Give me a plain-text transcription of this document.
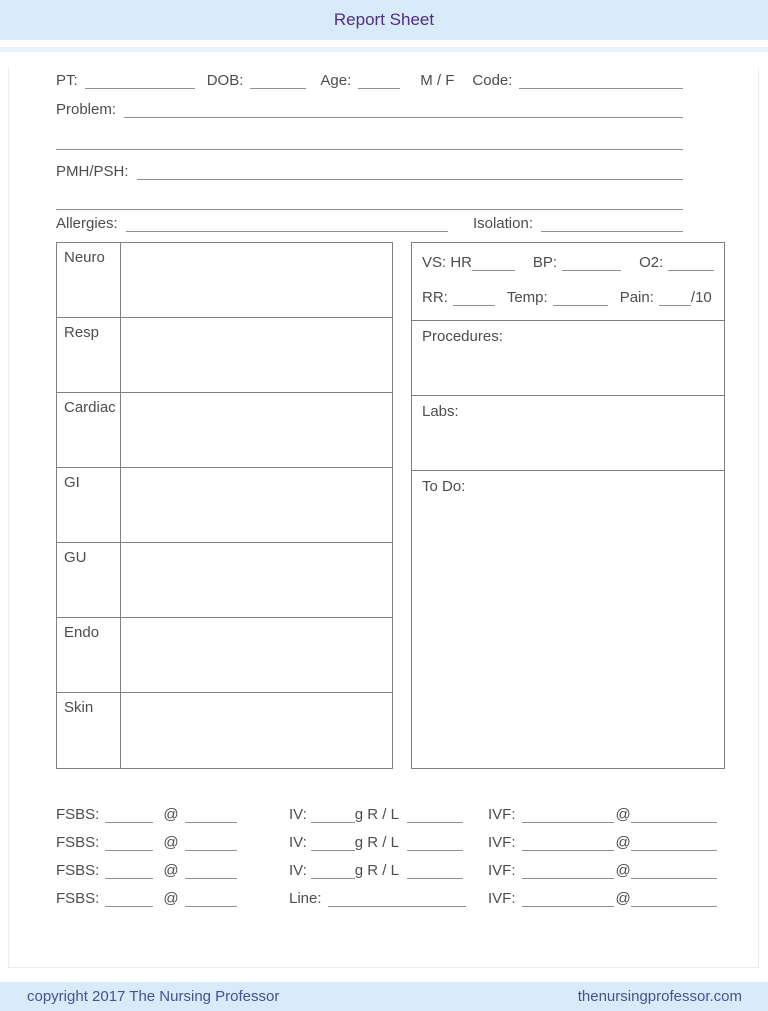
Report Sheet
PT:	DOB:	Age:	M / F Code:
Problem:
PMH/PSH:
Allergies:	Isolation:
Neuro
Resp
Cardiac
GI
GU
Endo
Skin
VS: HR	BP:	O2:
RR:	Temp:	Pain: /10
Procedures:
Labs:
To Do:
FSBS:	@	IV:	g R / L	IVF:	@
FSBS:	@	IV:	g R / L	IVF:	@
FSBS:	@	IV:	g R / L	IVF:	@
FSBS:	@	Line:	IVF:	@
copyright 2017 The Nursing Professor	thenursingprofessor.com
